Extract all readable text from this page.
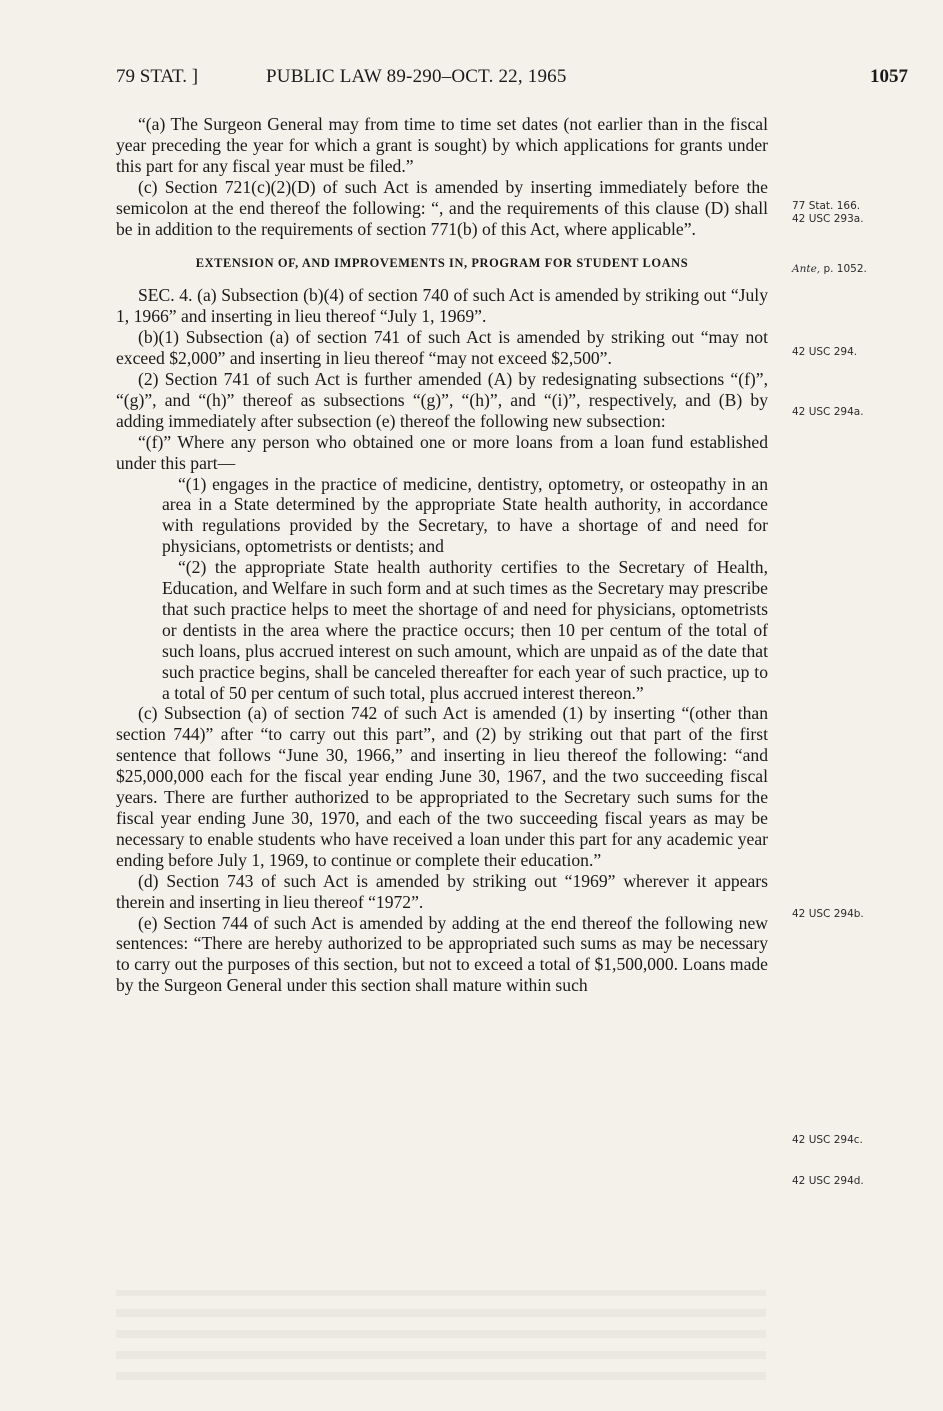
79 STAT. ]	PUBLIC LAW 89-290–OCT. 22, 1965	1057

“(a) The Surgeon General may from time to time set dates (not earlier than in the fiscal year preceding the year for which a grant is sought) by which applications for grants under this part for any fiscal year must be filed.”

(c) Section 721(c)(2)(D) of such Act is amended by inserting immediately before the semicolon at the end thereof the following: “, and the requirements of this clause (D) shall be in addition to the requirements of section 771(b) of this Act, where applicable”.

EXTENSION OF, AND IMPROVEMENTS IN, PROGRAM FOR STUDENT LOANS

SEC. 4. (a) Subsection (b)(4) of section 740 of such Act is amended by striking out “July 1, 1966” and inserting in lieu thereof “July 1, 1969”.

(b)(1) Subsection (a) of section 741 of such Act is amended by striking out “may not exceed $2,000” and inserting in lieu thereof “may not exceed $2,500”.

(2) Section 741 of such Act is further amended (A) by redesignating subsections “(f)”, “(g)”, and “(h)” thereof as subsections “(g)”, “(h)”, and “(i)”, respectively, and (B) by adding immediately after subsection (e) thereof the following new subsection:

“(f)” Where any person who obtained one or more loans from a loan fund established under this part—

“(1) engages in the practice of medicine, dentistry, optometry, or osteopathy in an area in a State determined by the appropriate State health authority, in accordance with regulations provided by the Secretary, to have a shortage of and need for physicians, optometrists or dentists; and

“(2) the appropriate State health authority certifies to the Secretary of Health, Education, and Welfare in such form and at such times as the Secretary may prescribe that such practice helps to meet the shortage of and need for physicians, optometrists or dentists in the area where the practice occurs; then 10 per centum of the total of such loans, plus accrued interest on such amount, which are unpaid as of the date that such practice begins, shall be canceled thereafter for each year of such practice, up to a total of 50 per centum of such total, plus accrued interest thereon.”

(c) Subsection (a) of section 742 of such Act is amended (1) by inserting “(other than section 744)” after “to carry out this part”, and (2) by striking out that part of the first sentence that follows “June 30, 1966,” and inserting in lieu thereof the following: “and $25,000,000 each for the fiscal year ending June 30, 1967, and the two succeeding fiscal years. There are further authorized to be appropriated to the Secretary such sums for the fiscal year ending June 30, 1970, and each of the two succeeding fiscal years as may be necessary to enable students who have received a loan under this part for any academic year ending before July 1, 1969, to continue or complete their education.”

(d) Section 743 of such Act is amended by striking out “1969” wherever it appears therein and inserting in lieu thereof “1972”.

(e) Section 744 of such Act is amended by adding at the end thereof the following new sentences: “There are hereby authorized to be appropriated such sums as may be necessary to carry out the purposes of this section, but not to exceed a total of $1,500,000. Loans made by the Surgeon General under this section shall mature within such

77 Stat. 166.
42 USC 293a.
Ante, p. 1052.
42 USC 294.
42 USC 294a.
42 USC 294b.
42 USC 294c.
42 USC 294d.
